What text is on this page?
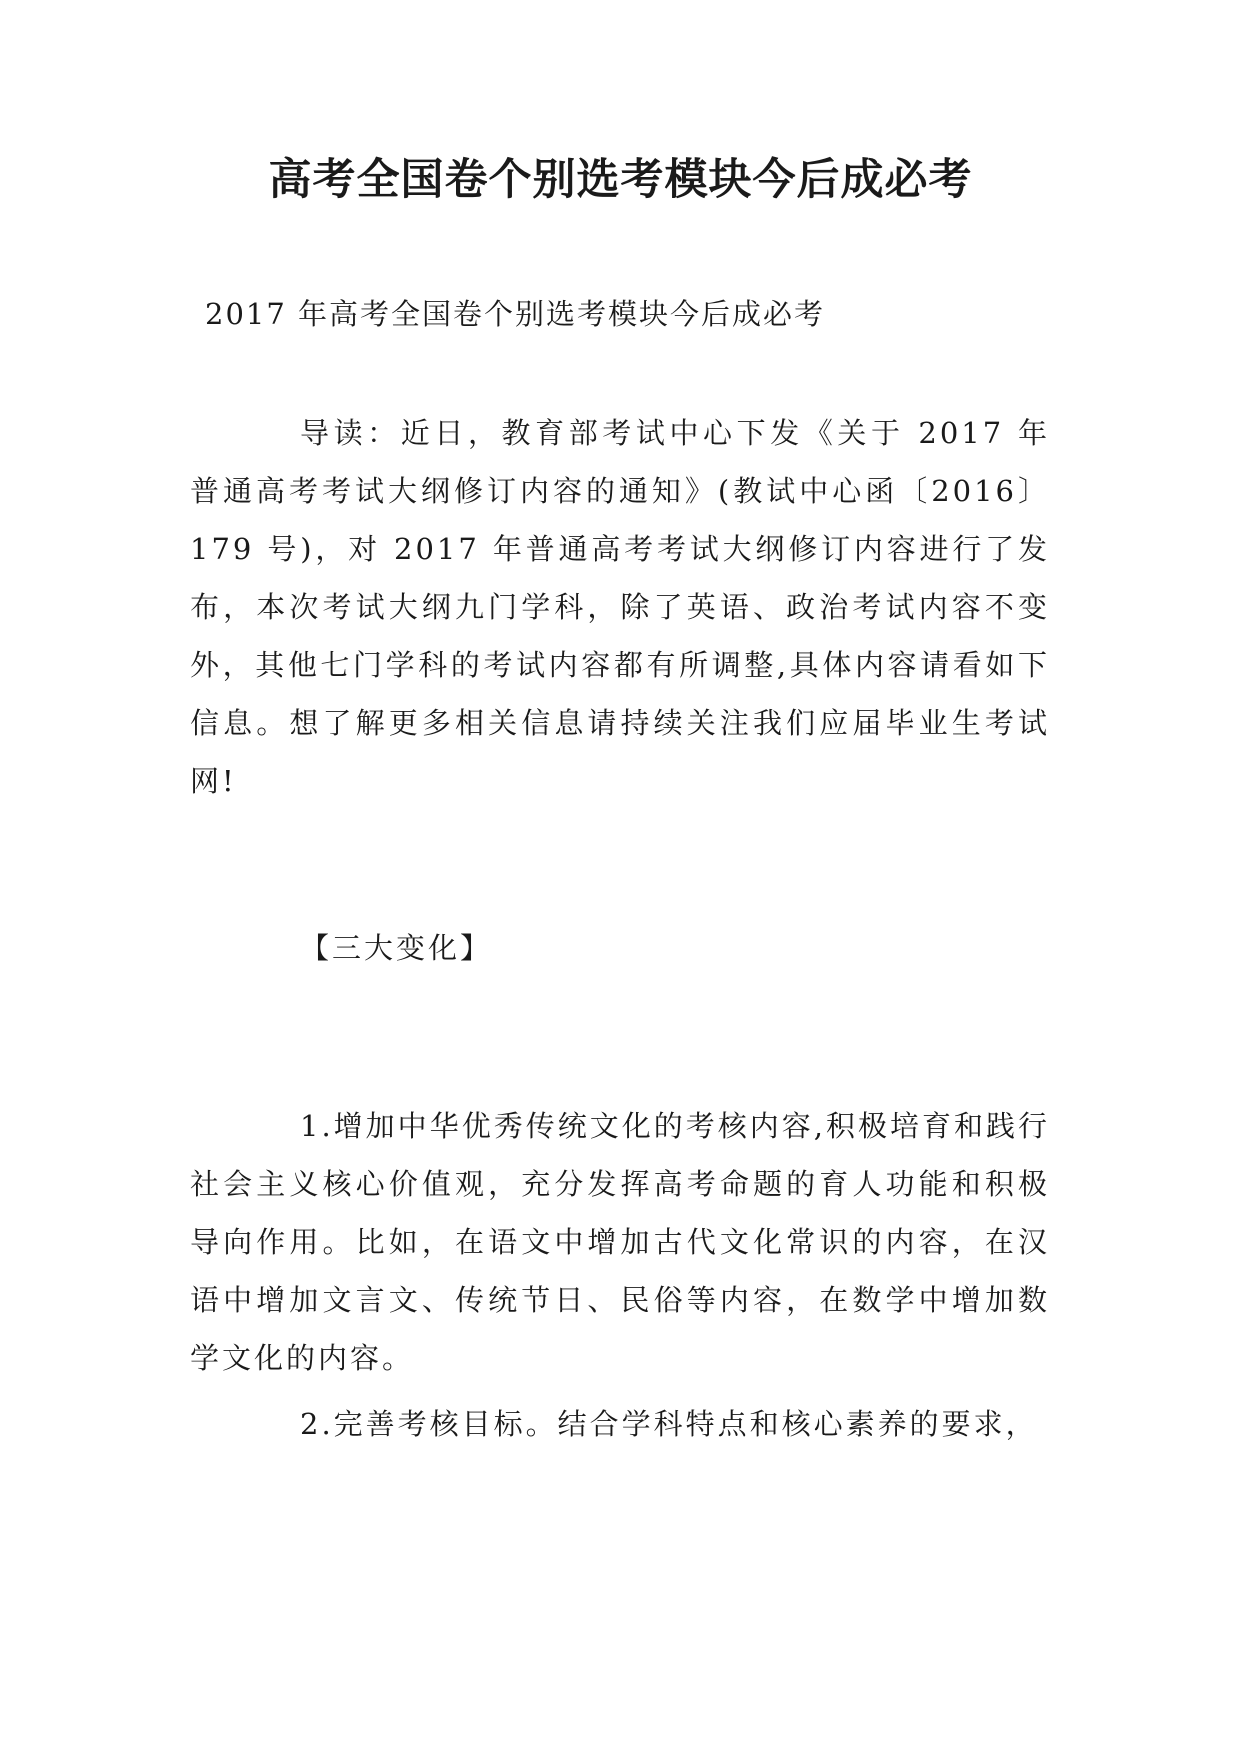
高考全国卷个别选考模块今后成必考

2017 年高考全国卷个别选考模块今后成必考

导读：近日，教育部考试中心下发《关于 2017 年普通高考考试大纲修订内容的通知》(教试中心函〔2016〕179 号)，对 2017 年普通高考考试大纲修订内容进行了发布，本次考试大纲九门学科，除了英语、政治考试内容不变外，其他七门学科的考试内容都有所调整,具体内容请看如下信息。想了解更多相关信息请持续关注我们应届毕业生考试网!

【三大变化】

1.增加中华优秀传统文化的考核内容,积极培育和践行社会主义核心价值观，充分发挥高考命题的育人功能和积极导向作用。比如，在语文中增加古代文化常识的内容，在汉语中增加文言文、传统节日、民俗等内容，在数学中增加数学文化的内容。

2.完善考核目标。结合学科特点和核心素养的要求，
